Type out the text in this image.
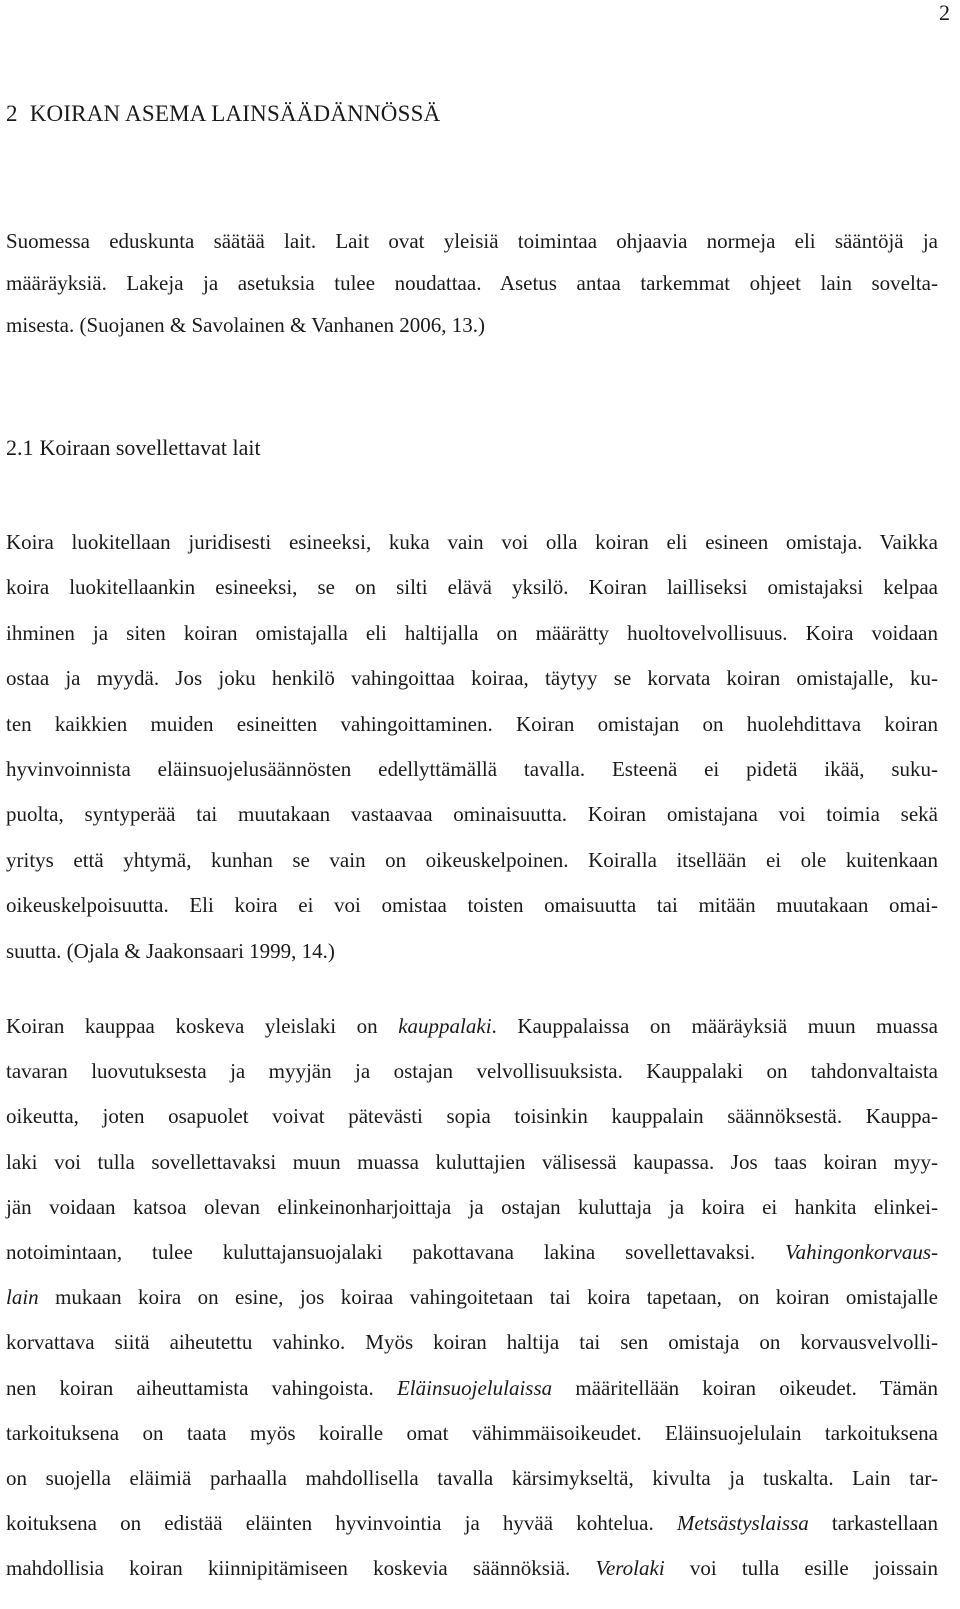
2
2 KOIRAN ASEMA LAINSÄÄDÄNNÖSSÄ
Suomessa eduskunta säätää lait. Lait ovat yleisiä toimintaa ohjaavia normeja eli sääntöjä ja
määräyksiä. Lakeja ja asetuksia tulee noudattaa. Asetus antaa tarkemmat ohjeet lain sovelta-
misesta. (Suojanen & Savolainen & Vanhanen 2006, 13.)
2.1 Koiraan sovellettavat lait
Koira luokitellaan juridisesti esineeksi, kuka vain voi olla koiran eli esineen omistaja. Vaikka
koira luokitellaankin esineeksi, se on silti elävä yksilö. Koiran lailliseksi omistajaksi kelpaa
ihminen ja siten koiran omistajalla eli haltijalla on määrätty huoltovelvollisuus. Koira voidaan
ostaa ja myydä. Jos joku henkilö vahingoittaa koiraa, täytyy se korvata koiran omistajalle, ku-
ten kaikkien muiden esineitten vahingoittaminen. Koiran omistajan on huolehdittava koiran
hyvinvoinnista eläinsuojelusäännösten edellyttämällä tavalla. Esteenä ei pidetä ikää, suku-
puolta, syntyperää tai muutakaan vastaavaa ominaisuutta. Koiran omistajana voi toimia sekä
yritys että yhtymä, kunhan se vain on oikeuskelpoinen. Koiralla itsellään ei ole kuitenkaan
oikeuskelpoisuutta. Eli koira ei voi omistaa toisten omaisuutta tai mitään muutakaan omai-
suutta. (Ojala & Jaakonsaari 1999, 14.)
Koiran kauppaa koskeva yleislaki on kauppalaki. Kauppalaissa on määräyksiä muun muassa
tavaran luovutuksesta ja myyjän ja ostajan velvollisuuksista. Kauppalaki on tahdonvaltaista
oikeutta, joten osapuolet voivat pätevästi sopia toisinkin kauppalain säännöksestä. Kauppa-
laki voi tulla sovellettavaksi muun muassa kuluttajien välisessä kaupassa. Jos taas koiran myy-
jän voidaan katsoa olevan elinkeinonharjoittaja ja ostajan kuluttaja ja koira ei hankita elinkei-
notoimintaan, tulee kuluttajansuojalaki pakottavana lakina sovellettavaksi. Vahingonkorvaus-
lain mukaan koira on esine, jos koiraa vahingoitetaan tai koira tapetaan, on koiran omistajalle
korvattava siitä aiheutettu vahinko. Myös koiran haltija tai sen omistaja on korvausvelvolli-
nen koiran aiheuttamista vahingoista. Eläinsuojelulaissa määritellään koiran oikeudet. Tämän
tarkoituksena on taata myös koiralle omat vähimmäisoikeudet. Eläinsuojelulain tarkoituksena
on suojella eläimiä parhaalla mahdollisella tavalla kärsimykseltä, kivulta ja tuskalta. Lain tar-
koituksena on edistää eläinten hyvinvointia ja hyvää kohtelua. Metsästyslaissa tarkastellaan
mahdollisia koiran kiinnipitämiseen koskevia säännöksiä. Verolaki voi tulla esille joissain
